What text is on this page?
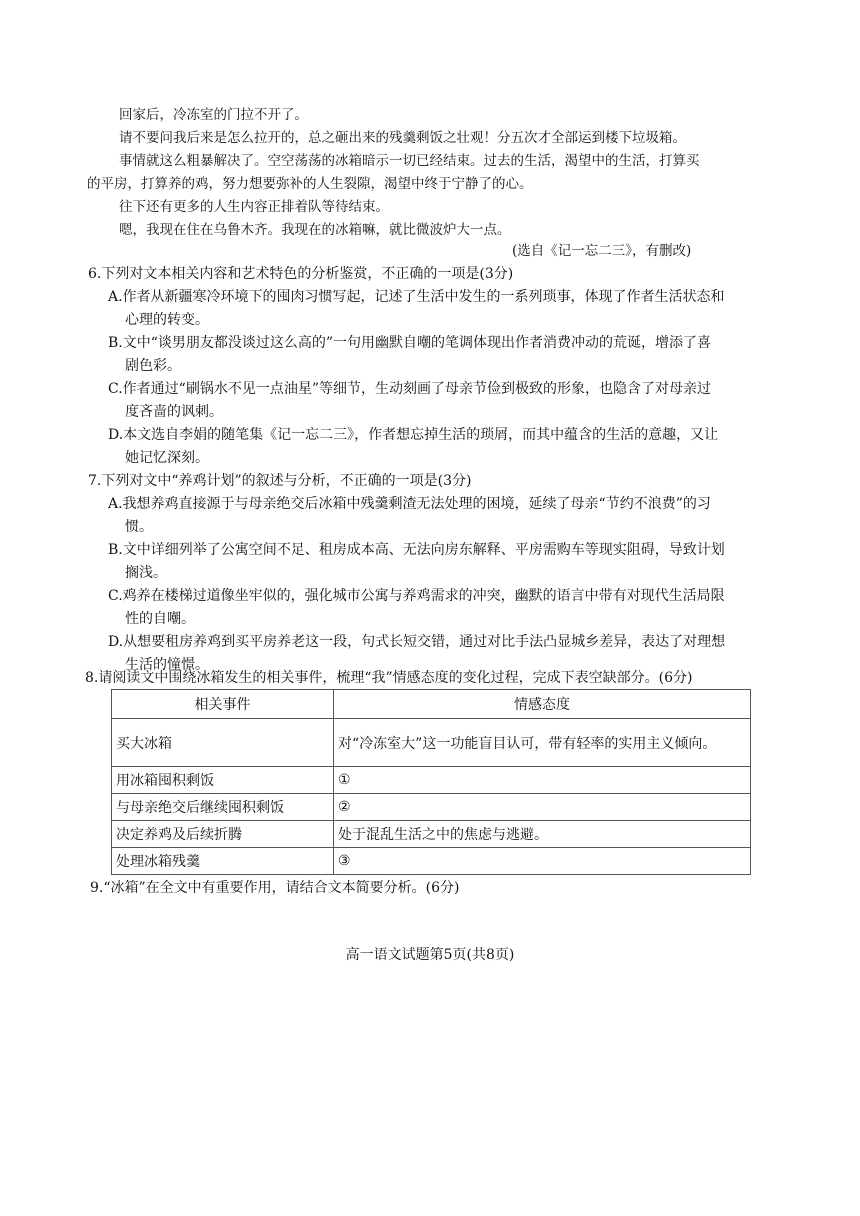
回家后，冷冻室的门拉不开了。
请不要问我后来是怎么拉开的，总之砸出来的残羹剩饭之壮观！分五次才全部运到楼下垃圾箱。
事情就这么粗暴解决了。空空荡荡的冰箱暗示一切已经结束。过去的生活，渴望中的生活，打算买
的平房，打算养的鸡，努力想要弥补的人生裂隙，渴望中终于宁静了的心。
往下还有更多的人生内容正排着队等待结束。
嗯，我现在住在乌鲁木齐。我现在的冰箱嘛，就比微波炉大一点。
(选自《记一忘二三》，有删改)
6.下列对文本相关内容和艺术特色的分析鉴赏，不正确的一项是(3分)
A.作者从新疆寒冷环境下的囤肉习惯写起，记述了生活中发生的一系列琐事，体现了作者生活状态和
心理的转变。
B.文中“谈男朋友都没谈过这么高的”一句用幽默自嘲的笔调体现出作者消费冲动的荒诞，增添了喜
剧色彩。
C.作者通过“刷锅水不见一点油星”等细节，生动刻画了母亲节俭到极致的形象，也隐含了对母亲过
度吝啬的讽刺。
D.本文选自李娟的随笔集《记一忘二三》，作者想忘掉生活的琐屑，而其中蕴含的生活的意趣，又让
她记忆深刻。
7.下列对文中“养鸡计划”的叙述与分析，不正确的一项是(3分)
A.我想养鸡直接源于与母亲绝交后冰箱中残羹剩渣无法处理的困境，延续了母亲“节约不浪费”的习
惯。
B.文中详细列举了公寓空间不足、租房成本高、无法向房东解释、平房需购车等现实阻碍，导致计划
搁浅。
C.鸡养在楼梯过道像坐牢似的，强化城市公寓与养鸡需求的冲突，幽默的语言中带有对现代生活局限
性的自嘲。
D.从想要租房养鸡到买平房养老这一段，句式长短交错，通过对比手法凸显城乡差异，表达了对理想
生活的憧憬。
8.请阅读文中围绕冰箱发生的相关事件，梳理“我”情感态度的变化过程，完成下表空缺部分。(6分)
相关事件	情感态度
买大冰箱	对“冷冻室大”这一功能盲目认可，带有轻率的实用主义倾向。
用冰箱囤积剩饭	①
与母亲绝交后继续囤积剩饭	②
决定养鸡及后续折腾	处于混乱生活之中的焦虑与逃避。
处理冰箱残羹	③
9.“冰箱”在全文中有重要作用，请结合文本简要分析。(6分)
高一语文试题第5页(共8页)
